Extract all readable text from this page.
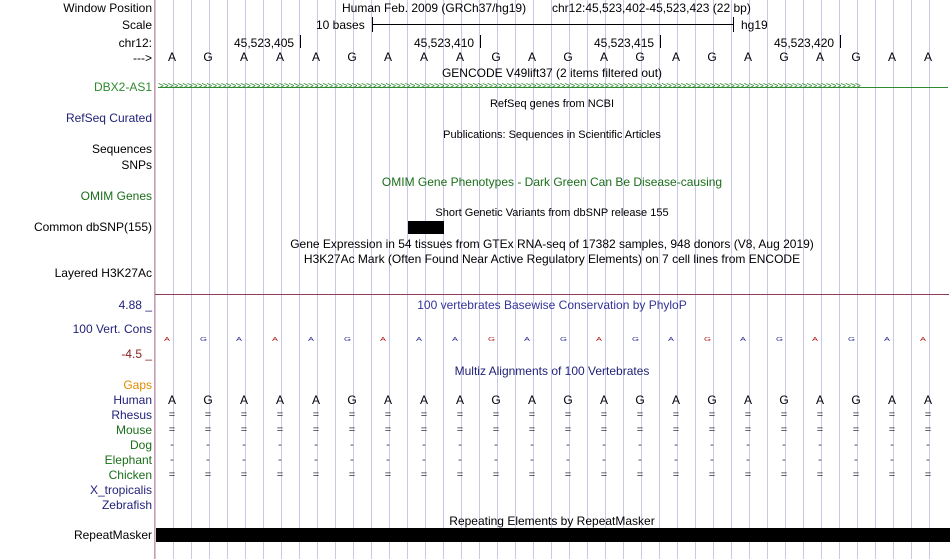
Window Position
Scale
chr12:
--->
Human Feb. 2009 (GRCh37/hg19) chr12:45,523,402-45,523,423 (22 bp)
10 bases	hg19
45,523,405	45,523,410	45,523,415	45,523,420
A G A A A G A A A G A G A G A G A G A G A A
GENCODE V49lift37 (2 items filtered out)
DBX2-AS1
RefSeq genes from NCBI
RefSeq Curated
Publications: Sequences in Scientific Articles
Sequences
SNPs
OMIM Gene Phenotypes - Dark Green Can Be Disease-causing
OMIM Genes
Short Genetic Variants from dbSNP release 155
Common dbSNP(155)
Gene Expression in 54 tissues from GTEx RNA-seq of 17382 samples, 948 donors (V8, Aug 2019)
H3K27Ac Mark (Often Found Near Active Regulatory Elements) on 7 cell lines from ENCODE
Layered H3K27Ac
100 vertebrates Basewise Conservation by PhyloP
4.88 _
100 Vert. Cons
-4.5 _
A	G	A	A	A	G	A	A	A	G	A	G	A	G	A	G	A	G	A	G	A	A
Gaps
Multiz Alignments of 100 Vertebrates
Human A G A A A G A A A G A G A G A G A G A G A A
Rhesus =	=	=	=	=	=	=	=	=	=	=	=	=	=	=	=	=	=	=	=	=	=
Mouse =	=	=	=	=	=	=	=	=	=	=	=	=	=	=	=	=	=	=	=	=	=
Dog	-	-	-	-	-	-	-	-	-	-	-	-	-	-	-	-	-	-	-	-	-	-
Elephant	-	-	-	-	-	-	-	-	-	-	-	-	-	-	-	-	-	-	-	-	-	-
Chicken =	=	=	=	=	=	=	=	=	=	=	=	=	=	=	=	=	=	=	=	=	=
X_tropicalis
Zebrafish
Repeating Elements by RepeatMasker
RepeatMasker
